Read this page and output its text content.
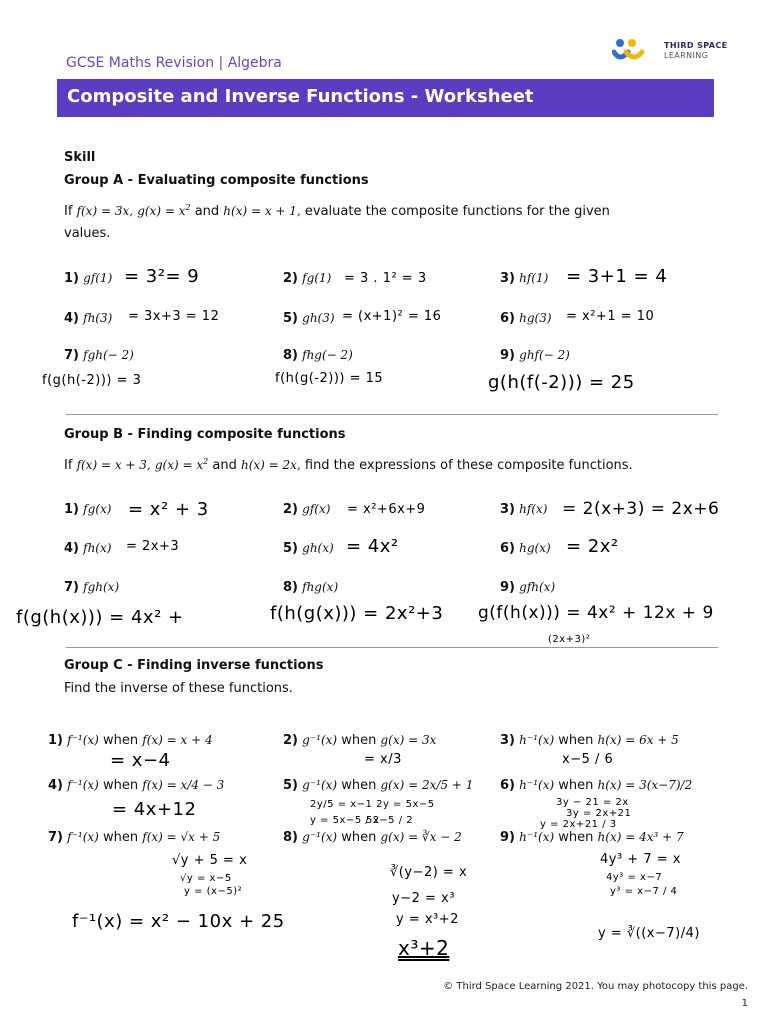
GCSE Maths Revision | Algebra
THIRD SPACE
LEARNING
Composite and Inverse Functions - Worksheet
Skill
Group A - Evaluating composite functions
If f(x) = 3x, $g(x) = x^2$ and h(x) = x + 1, evaluate the composite functions for the given
values.
1) gf(1) = 3²= 9	2) fg(1) = 3 . 1² = 3	3) hf(1) = 3+1 = 4
4) fh(3) = 3x+3 = 12	5) gh(3) = (x+1)² = 16	6) hg(3) = x²+1 = 10
7) fgh(− 2)
f(g(h(-2))) = 3
8) fhg(− 2)
f(h(g(-2))) = 15
9) ghf(− 2)
g(h(f(-2))) = 25
Group B - Finding composite functions
If f(x) = x + 3, $g(x) = x^2$ and h(x) = 2x, find the expressions of these composite functions.
1) fg(x) = x² + 3	2) gf(x) = x²+6x+9	3) hf(x) = 2(x+3) = 2x+6
4) fh(x) = 2x+3	5) gh(x) = 4x²	6) hg(x) = 2x²
7) fgh(x)
f(g(h(x))) = 4x² +
8) fhg(x)
f(h(g(x))) = 2x²+3
9) gfh(x)
g(f(h(x))) = 4x² + 12x + 9
(2x+3)²
Group C - Finding inverse functions
Find the inverse of these functions.
1) f⁻¹(x) when f(x) = x + 4
= x−4
2) g⁻¹(x) when g(x) = 3x
= x/3
3) h⁻¹(x) when h(x) = 6x + 5
x−5 / 6
4) f⁻¹(x) when f(x) = x/4 − 3
= 4x+12
5) g⁻¹(x) when g(x) = 2x/5 + 1
2y/5 = x−1 2y = 5x−5
y = 5x−5 / 2
5x−5 / 2
6) h⁻¹(x) when h(x) = 3(x−7)/2
3y − 21 = 2x
3y = 2x+21
y = 2x+21 / 3
7) f⁻¹(x) when f(x) = √x + 5
√y + 5 = x
√y = x−5
y = (x−5)²
f⁻¹(x) = x² − 10x + 25
8) g⁻¹(x) when g(x) = ∛x − 2
∛(y−2) = x
y−2 = x³
y = x³+2
x³+2
9) h⁻¹(x) when h(x) = 4x³ + 7
4y³ + 7 = x
4y³ = x−7
y³ = x−7 / 4
y = ∛((x−7)/4)
© Third Space Learning 2021. You may photocopy this page.
1
